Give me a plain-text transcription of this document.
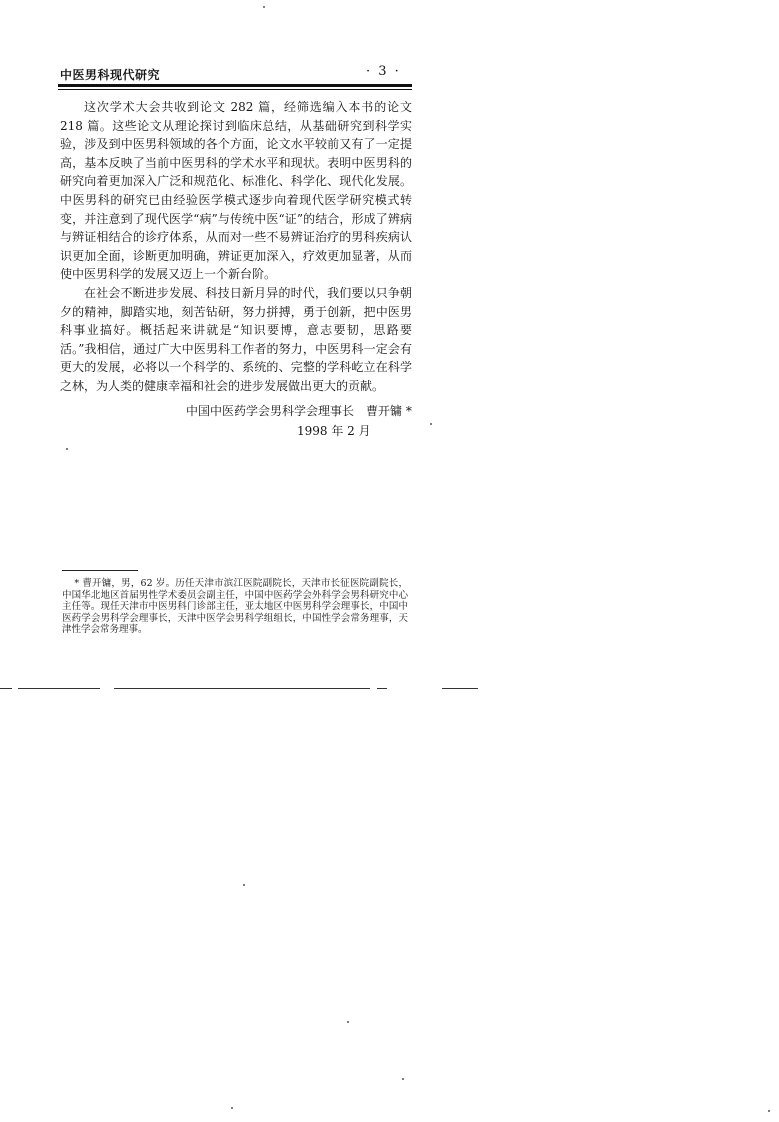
中医男科现代研究	· 3 ·

这次学术大会共收到论文 282 篇，经筛选编入本书的论文 218 篇。这些论文从理论探讨到临床总结，从基础研究到科学实验，涉及到中医男科领域的各个方面，论文水平较前又有了一定提高，基本反映了当前中医男科的学术水平和现状。表明中医男科的研究向着更加深入广泛和规范化、标准化、科学化、现代化发展。中医男科的研究已由经验医学模式逐步向着现代医学研究模式转变，并注意到了现代医学“病”与传统中医“证”的结合，形成了辨病与辨证相结合的诊疗体系，从而对一些不易辨证治疗的男科疾病认识更加全面，诊断更加明确，辨证更加深入，疗效更加显著，从而使中医男科学的发展又迈上一个新台阶。

在社会不断进步发展、科技日新月异的时代，我们要以只争朝夕的精神，脚踏实地，刻苦钻研，努力拼搏，勇于创新，把中医男科事业搞好。概括起来讲就是“知识要博，意志要韧，思路要活。”我相信，通过广大中医男科工作者的努力，中医男科一定会有更大的发展，必将以一个科学的、系统的、完整的学科屹立在科学之林，为人类的健康幸福和社会的进步发展做出更大的贡献。

中国中医药学会男科学会理事长　曹开镛 *
1998 年 2 月

* 曹开镛，男，62 岁。历任天津市滨江医院副院长，天津市长征医院副院长，中国华北地区首届男性学术委员会副主任，中国中医药学会外科学会男科研究中心主任等。现任天津市中医男科门诊部主任，亚太地区中医男科学会理事长，中国中医药学会男科学会理事长，天津中医学会男科学组组长，中国性学会常务理事，天津性学会常务理事。
